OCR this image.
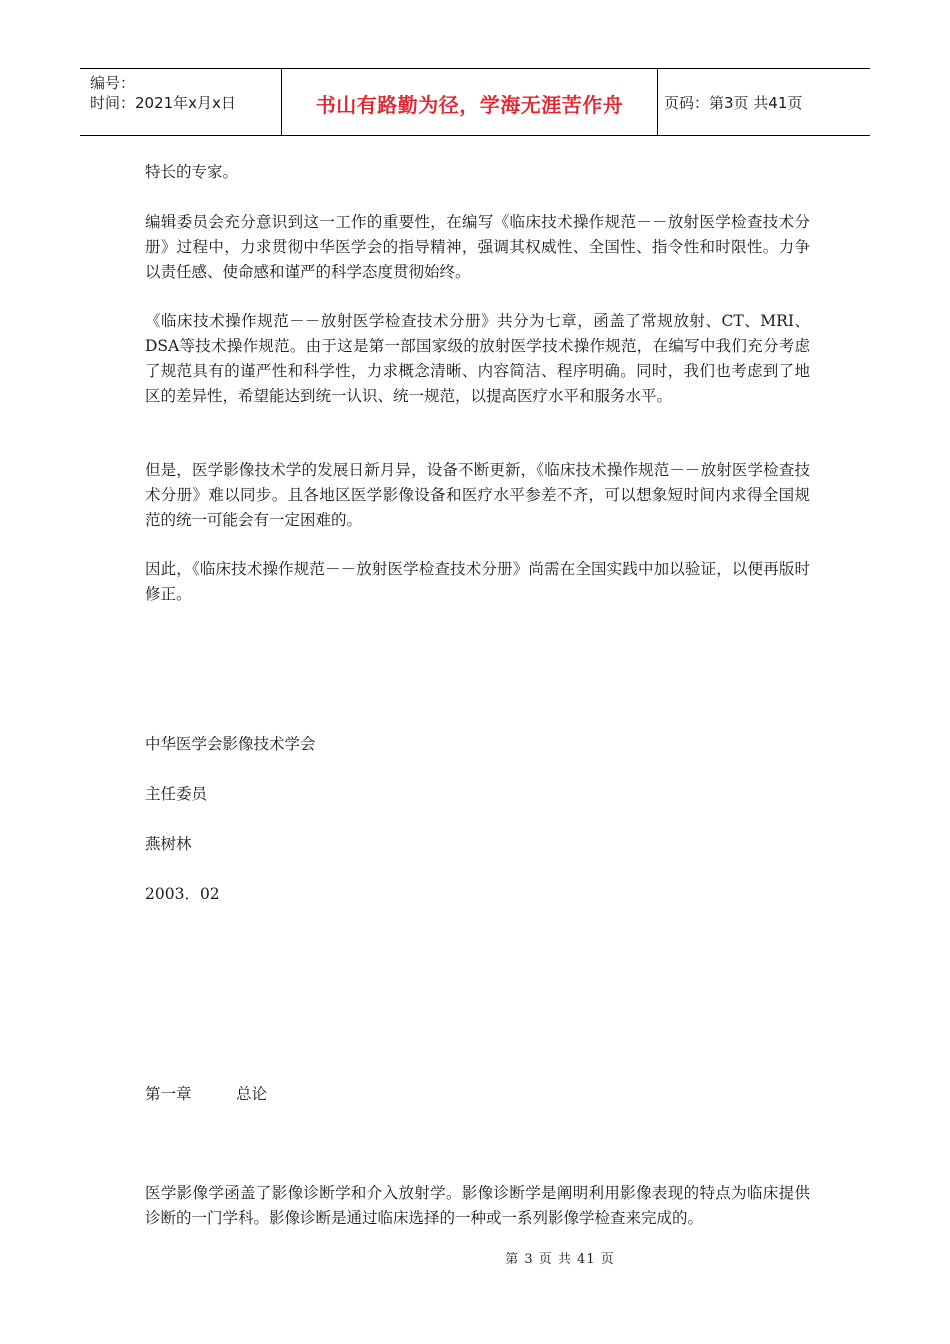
编号：
时间：2021年x月x日	书山有路勤为径，学海无涯苦作舟	页码：第3页 共41页

特长的专家。

编辑委员会充分意识到这一工作的重要性，在编写《临床技术操作规范－－放射医学检查技术分册》过程中，力求贯彻中华医学会的指导精神，强调其权威性、全国性、指令性和时限性。力争以责任感、使命感和谨严的科学态度贯彻始终。

《临床技术操作规范－－放射医学检查技术分册》共分为七章，函盖了常规放射、CT、MRI、DSA等技术操作规范。由于这是第一部国家级的放射医学技术操作规范，在编写中我们充分考虑了规范具有的谨严性和科学性，力求概念清晰、内容简洁、程序明确。同时，我们也考虑到了地区的差异性，希望能达到统一认识、统一规范，以提高医疗水平和服务水平。

但是，医学影像技术学的发展日新月异，设备不断更新，《临床技术操作规范－－放射医学检查技术分册》难以同步。且各地区医学影像设备和医疗水平参差不齐，可以想象短时间内求得全国规范的统一可能会有一定困难的。

因此，《临床技术操作规范－－放射医学检查技术分册》尚需在全国实践中加以验证，以便再版时修正。

中华医学会影像技术学会
主任委员
燕树林
2003．02
第一章	总论

医学影像学函盖了影像诊断学和介入放射学。影像诊断学是阐明利用影像表现的特点为临床提供诊断的一门学科。影像诊断是通过临床选择的一种或一系列影像学检查来完成的。

第 3 页 共 41 页
